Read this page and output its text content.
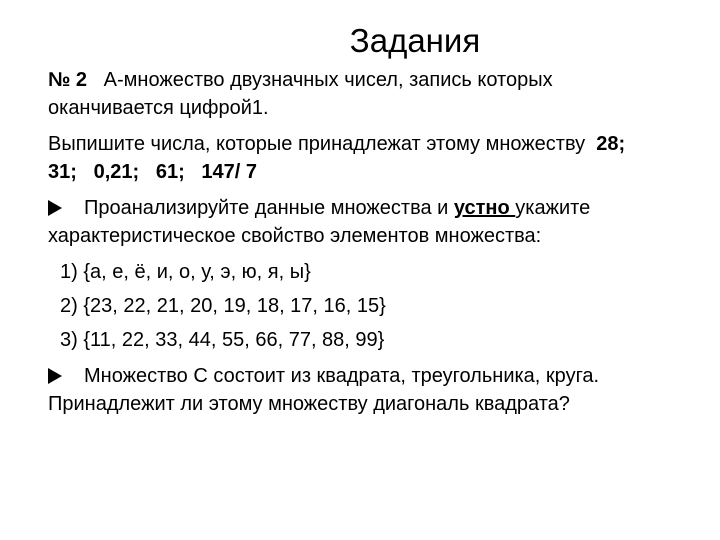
Задания

№ 2 А-множество двузначных чисел, запись которых
оканчивается цифрой1.

Выпишите числа, которые принадлежат этому множеству 28;
31;   0,21;   61;   147/ 7

Проанализируйте данные множества и устно укажите
характеристическое свойство элементов множества:

1) {а, е, ё, и, о, у, э, ю, я, ы}

2) {23, 22, 21, 20, 19, 18, 17, 16, 15}

3) {11, 22, 33, 44, 55, 66, 77, 88, 99}

Множество С состоит из квадрата, треугольника, круга.
Принадлежит ли этому множеству диагональ квадрата?
